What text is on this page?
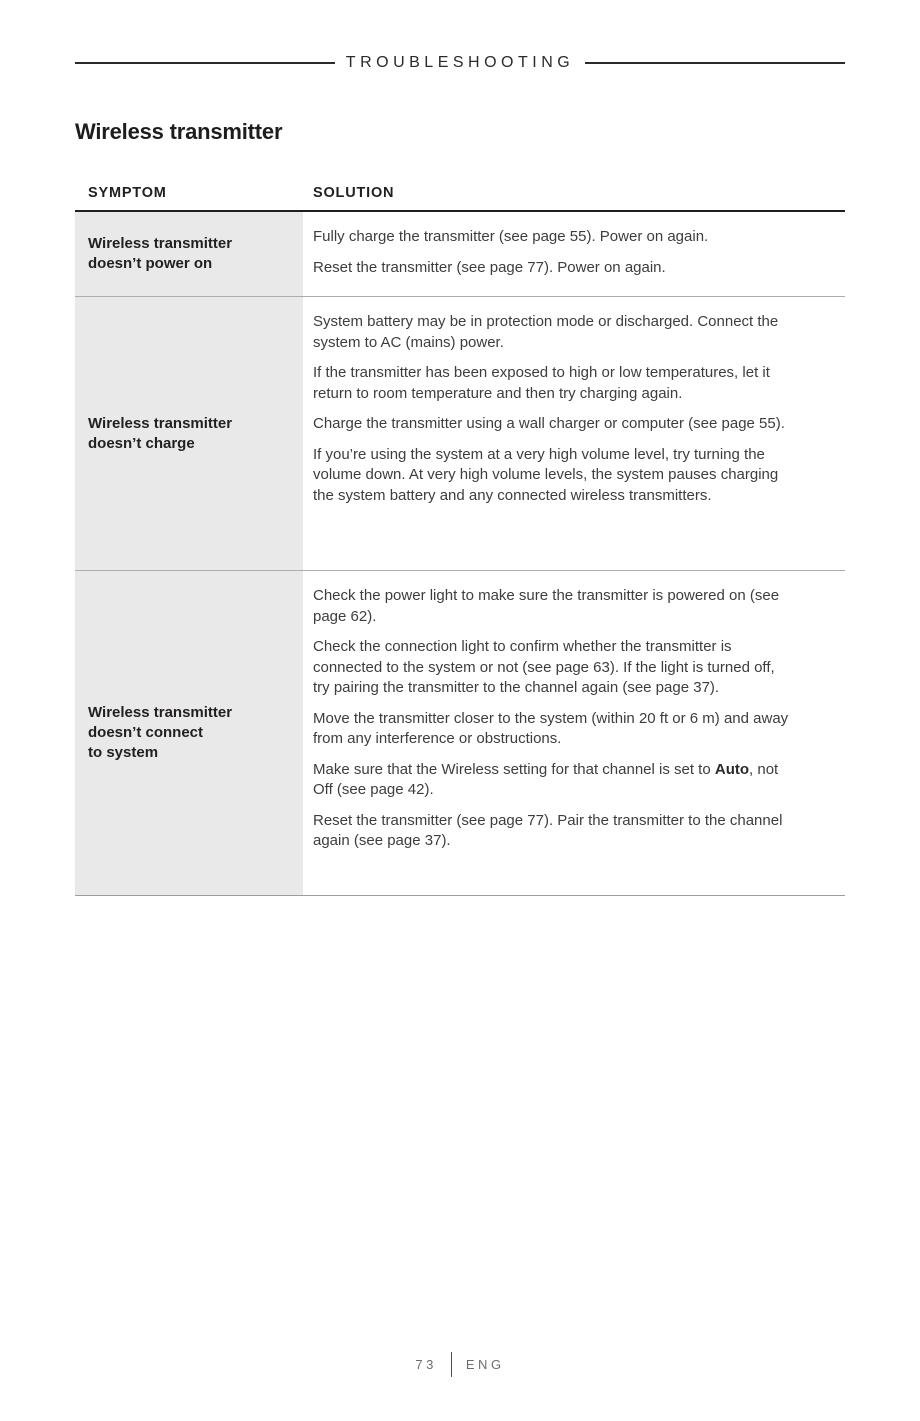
TROUBLESHOOTING
Wireless transmitter
SYMPTOM	SOLUTION
Wireless transmitter
doesn’t power on

Fully charge the transmitter (see page 55). Power on again.

Reset the transmitter (see page 77). Power on again.

Wireless transmitter
doesn’t charge

System battery may be in protection mode or discharged. Connect the system to AC (mains) power.

If the transmitter has been exposed to high or low temperatures, let it return to room temperature and then try charging again.

Charge the transmitter using a wall charger or computer (see page 55).

If you’re using the system at a very high volume level, try turning the volume down. At very high volume levels, the system pauses charging the system battery and any connected wireless transmitters.

Wireless transmitter
doesn’t connect
to system

Check the power light to make sure the transmitter is powered on (see page 62).

Check the connection light to confirm whether the transmitter is connected to the system or not (see page 63). If the light is turned off, try pairing the transmitter to the channel again (see page 37).

Move the transmitter closer to the system (within 20 ft or 6 m) and away from any interference or obstructions.

Make sure that the Wireless setting for that channel is set to Auto, not Off (see page 42).

Reset the transmitter (see page 77). Pair the transmitter to the channel again (see page 37).

73 ENG
